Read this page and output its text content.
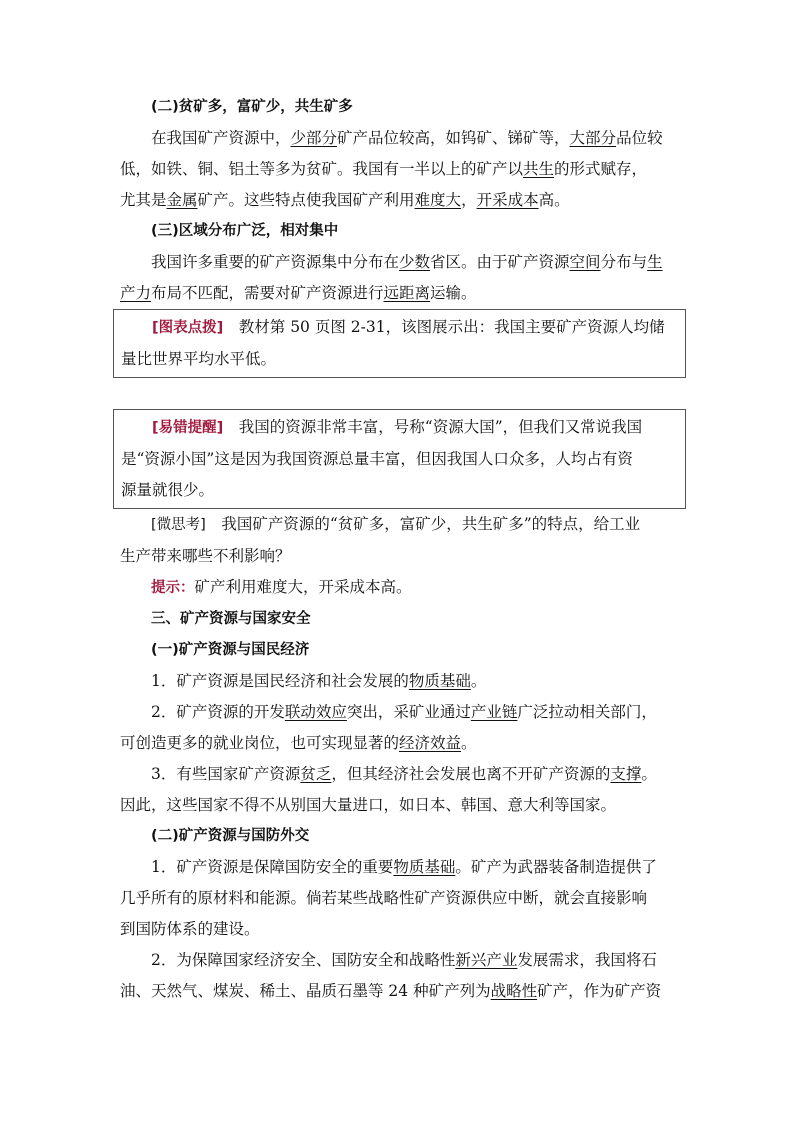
(二)贫矿多，富矿少，共生矿多
在我国矿产资源中，少部分矿产品位较高，如钨矿、锑矿等，大部分品位较
低，如铁、铜、铝土等多为贫矿。我国有一半以上的矿产以共生的形式赋存，
尤其是金属矿产。这些特点使我国矿产利用难度大，开采成本高。
(三)区域分布广泛，相对集中
我国许多重要的矿产资源集中分布在少数省区。由于矿产资源空间分布与生
产力布局不匹配，需要对矿产资源进行远距离运输。
[图表点拨]　教材第 50 页图 2-31，该图展示出：我国主要矿产资源人均储
量比世界平均水平低。
[易错提醒]　我国的资源非常丰富，号称“资源大国”，但我们又常说我国
是“资源小国”这是因为我国资源总量丰富，但因我国人口众多，人均占有资
源量就很少。
[微思考]　我国矿产资源的“贫矿多，富矿少，共生矿多”的特点，给工业
生产带来哪些不利影响？
提示：矿产利用难度大，开采成本高。
三、矿产资源与国家安全
(一)矿产资源与国民经济
1．矿产资源是国民经济和社会发展的物质基础。
2．矿产资源的开发联动效应突出，采矿业通过产业链广泛拉动相关部门，
可创造更多的就业岗位，也可实现显著的经济效益。
3．有些国家矿产资源贫乏，但其经济社会发展也离不开矿产资源的支撑。
因此，这些国家不得不从别国大量进口，如日本、韩国、意大利等国家。
(二)矿产资源与国防外交
1．矿产资源是保障国防安全的重要物质基础。矿产为武器装备制造提供了
几乎所有的原材料和能源。倘若某些战略性矿产资源供应中断，就会直接影响
到国防体系的建设。
2．为保障国家经济安全、国防安全和战略性新兴产业发展需求，我国将石
油、天然气、煤炭、稀土、晶质石墨等 24 种矿产列为战略性矿产，作为矿产资
